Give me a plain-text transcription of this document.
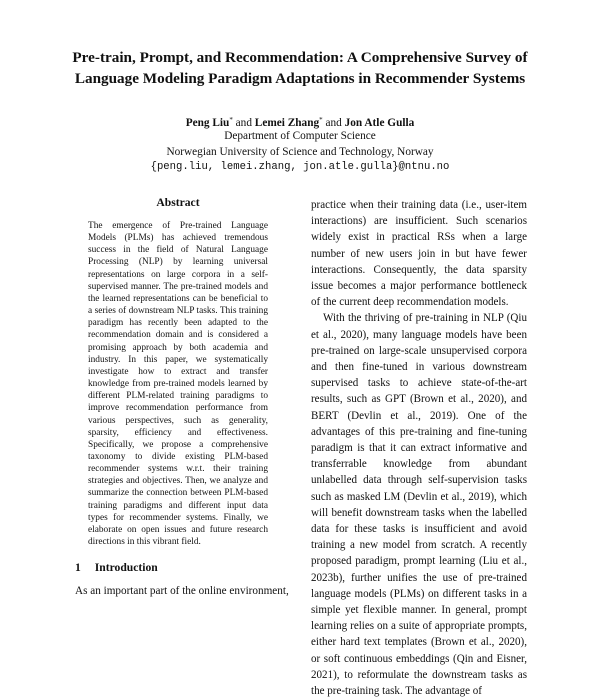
Pre-train, Prompt, and Recommendation: A Comprehensive Survey of
Language Modeling Paradigm Adaptations in Recommender Systems
Peng Liu* and Lemei Zhang* and Jon Atle Gulla
Department of Computer Science
Norwegian University of Science and Technology, Norway
{peng.liu, lemei.zhang, jon.atle.gulla}@ntnu.no
Abstract
The emergence of Pre-trained Language Models (PLMs) has achieved tremendous success in the field of Natural Language Processing (NLP) by learning universal representations on large corpora in a self-supervised manner. The pre-trained models and the learned representations can be beneficial to a series of downstream NLP tasks. This training paradigm has recently been adapted to the recommendation domain and is considered a promising approach by both academia and industry. In this paper, we systematically investigate how to extract and transfer knowledge from pre-trained models learned by different PLM-related training paradigms to improve recommendation performance from various perspectives, such as generality, sparsity, efficiency and effectiveness. Specifically, we propose a comprehensive taxonomy to divide existing PLM-based recommender systems w.r.t. their training strategies and objectives. Then, we analyze and summarize the connection between PLM-based training paradigms and different input data types for recommender systems. Finally, we elaborate on open issues and future research directions in this vibrant field.
1 Introduction
As an important part of the online environment,

practice when their training data (i.e., user-item interactions) are insufficient. Such scenarios widely exist in practical RSs when a large number of new users join in but have fewer interactions. Consequently, the data sparsity issue becomes a major performance bottleneck of the current deep recommendation models.

With the thriving of pre-training in NLP (Qiu et al., 2020), many language models have been pre-trained on large-scale unsupervised corpora and then fine-tuned in various downstream supervised tasks to achieve state-of-the-art results, such as GPT (Brown et al., 2020), and BERT (Devlin et al., 2019). One of the advantages of this pre-training and fine-tuning paradigm is that it can extract informative and transferrable knowledge from abundant unlabelled data through self-supervision tasks such as masked LM (Devlin et al., 2019), which will benefit downstream tasks when the labelled data for these tasks is insufficient and avoid training a new model from scratch. A recently proposed paradigm, prompt learning (Liu et al., 2023b), further unifies the use of pre-trained language models (PLMs) on different tasks in a simple yet flexible manner. In general, prompt learning relies on a suite of appropriate prompts, either hard text templates (Brown et al., 2020), or soft continuous embeddings (Qin and Eisner, 2021), to reformulate the downstream tasks as the pre-training task. The advantage of
